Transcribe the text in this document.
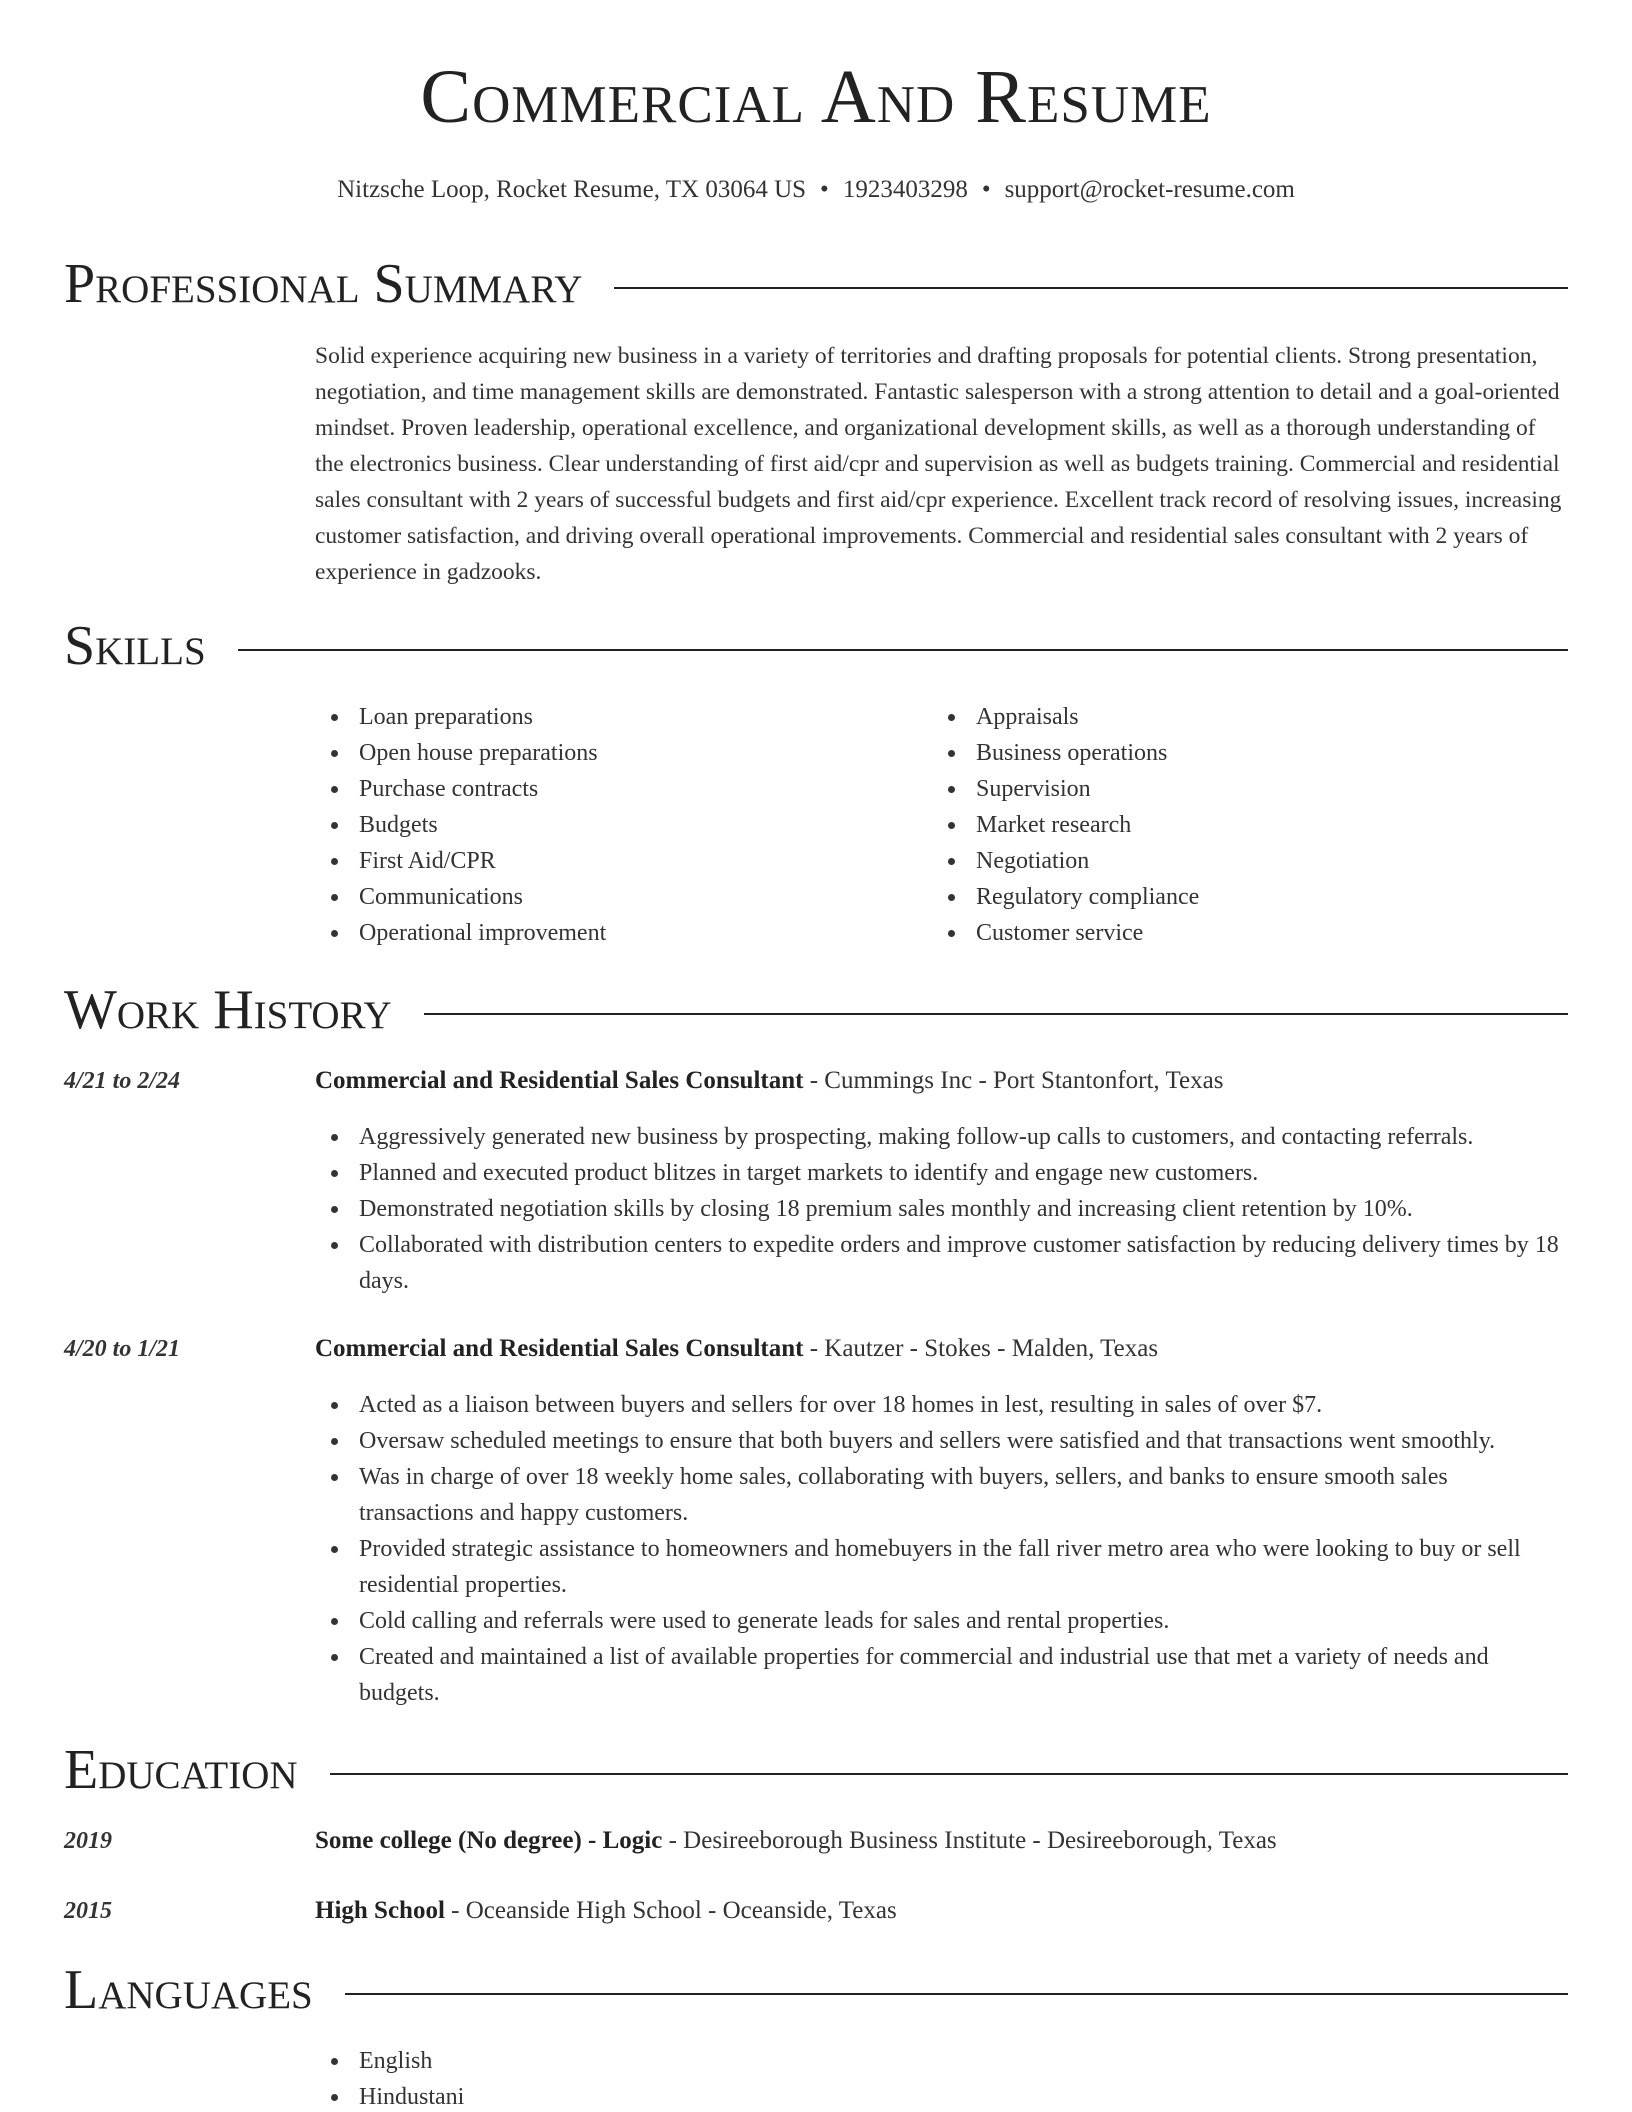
Commercial And Resume
Nitzsche Loop, Rocket Resume, TX 03064 US • 1923403298 • support@rocket-resume.com
Professional Summary

Solid experience acquiring new business in a variety of territories and drafting proposals for potential clients. Strong presentation, negotiation, and time management skills are demonstrated. Fantastic salesperson with a strong attention to detail and a goal-oriented mindset. Proven leadership, operational excellence, and organizational development skills, as well as a thorough understanding of the electronics business. Clear understanding of first aid/cpr and supervision as well as budgets training. Commercial and residential sales consultant with 2 years of successful budgets and first aid/cpr experience. Excellent track record of resolving issues, increasing customer satisfaction, and driving overall operational improvements. Commercial and residential sales consultant with 2 years of experience in gadzooks.

Skills
Loan preparations
Open house preparations
Purchase contracts
Budgets
First Aid/CPR
Communications
Operational improvement
Appraisals
Business operations
Supervision
Market research
Negotiation
Regulatory compliance
Customer service
Work History
4/21 to 2/24	Commercial and Residential Sales Consultant - Cummings Inc - Port Stantonfort, Texas
Aggressively generated new business by prospecting, making follow-up calls to customers, and contacting referrals.
Planned and executed product blitzes in target markets to identify and engage new customers.
Demonstrated negotiation skills by closing 18 premium sales monthly and increasing client retention by 10%.
Collaborated with distribution centers to expedite orders and improve customer satisfaction by reducing delivery times by 18 days.
4/20 to 1/21	Commercial and Residential Sales Consultant - Kautzer - Stokes - Malden, Texas
Acted as a liaison between buyers and sellers for over 18 homes in lest, resulting in sales of over $7.
Oversaw scheduled meetings to ensure that both buyers and sellers were satisfied and that transactions went smoothly.
Was in charge of over 18 weekly home sales, collaborating with buyers, sellers, and banks to ensure smooth sales transactions and happy customers.
Provided strategic assistance to homeowners and homebuyers in the fall river metro area who were looking to buy or sell residential properties.
Cold calling and referrals were used to generate leads for sales and rental properties.
Created and maintained a list of available properties for commercial and industrial use that met a variety of needs and budgets.
Education
2019	Some college (No degree) - Logic - Desireeborough Business Institute - Desireeborough, Texas
2015	High School - Oceanside High School - Oceanside, Texas
Languages
English
Hindustani
